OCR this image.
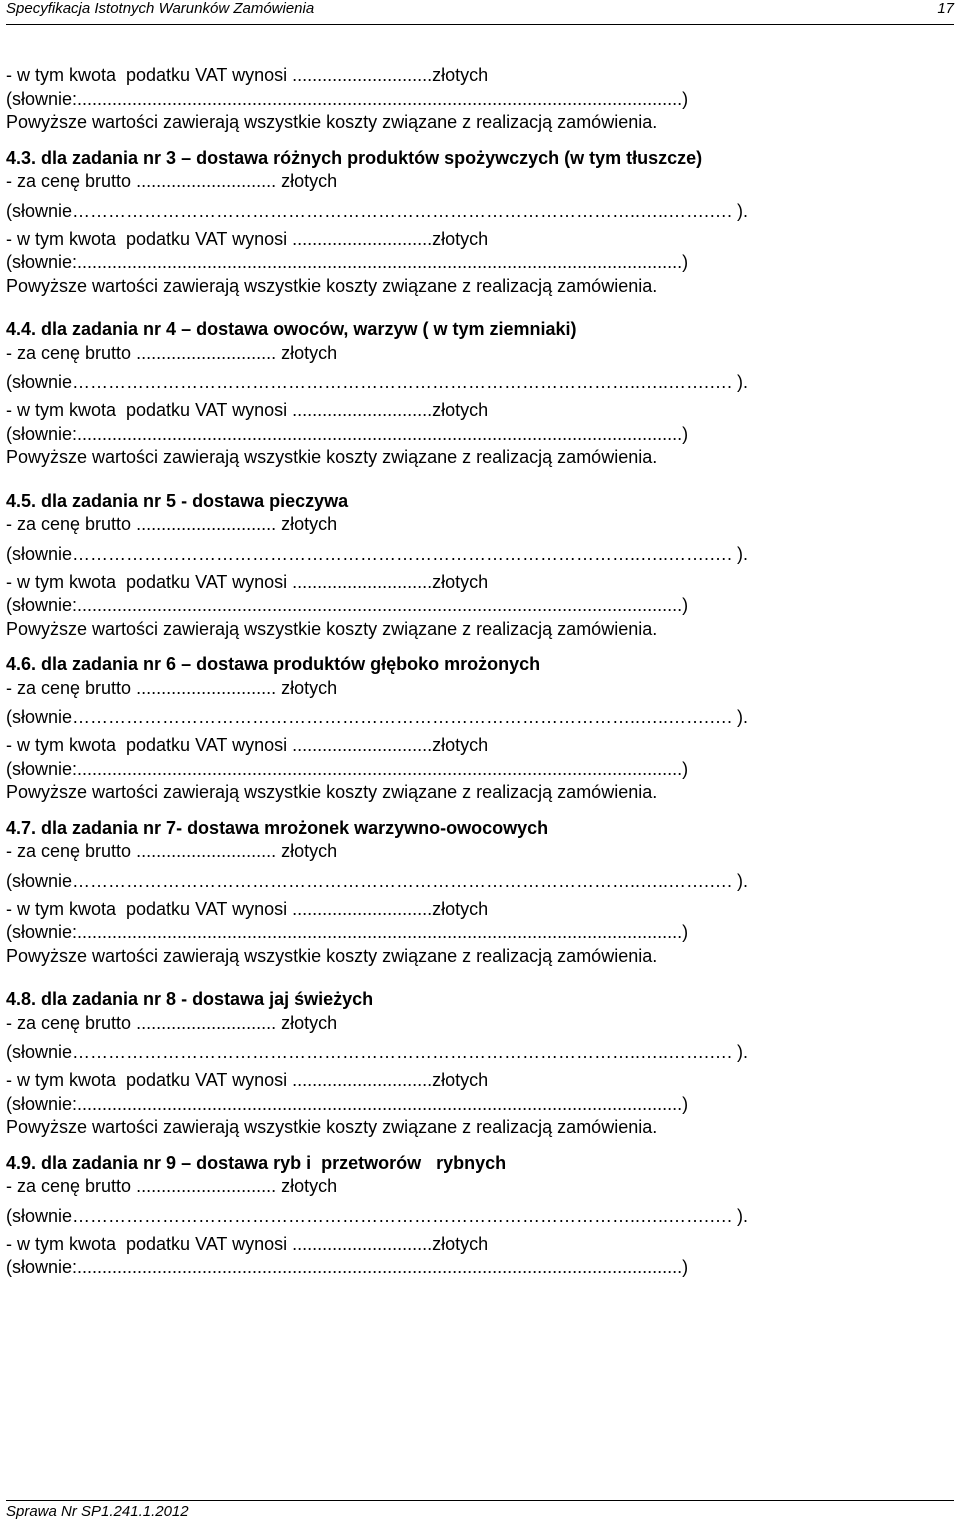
Specyfikacja Istotnych Warunków Zamówienia	17
- w tym kwota  podatku VAT wynosi ............................złotych
(słownie:.........................................................................................................................)
Powyższe wartości zawierają wszystkie koszty związane z realizacją zamówienia.
4.3. dla zadania nr 3 – dostawa różnych produktów spożywczych (w tym tłuszcze)
- za cenę brutto ............................ złotych
(słownie …………………………………………………………………………………..…..…….…. ).
- w tym kwota  podatku VAT wynosi ............................złotych
(słownie:.........................................................................................................................)
Powyższe wartości zawierają wszystkie koszty związane z realizacją zamówienia.
4.4. dla zadania nr 4 – dostawa owoców, warzyw ( w tym ziemniaki)
- za cenę brutto ............................ złotych
(słownie …………………………………………………………………………………..…..…….…. ).
- w tym kwota  podatku VAT wynosi ............................złotych
(słownie:.........................................................................................................................)
Powyższe wartości zawierają wszystkie koszty związane z realizacją zamówienia.
4.5. dla zadania nr 5 - dostawa pieczywa
- za cenę brutto ............................ złotych
(słownie …………………………………………………………………………………..…..…….…. ).
- w tym kwota  podatku VAT wynosi ............................złotych
(słownie:.........................................................................................................................)
Powyższe wartości zawierają wszystkie koszty związane z realizacją zamówienia.
4.6. dla zadania nr 6 – dostawa produktów głęboko mrożonych
- za cenę brutto ............................ złotych
(słownie …………………………………………………………………………………..…..…….…. ).
- w tym kwota  podatku VAT wynosi ............................złotych
(słownie:.........................................................................................................................)
Powyższe wartości zawierają wszystkie koszty związane z realizacją zamówienia.
4.7. dla zadania nr 7- dostawa mrożonek warzywno-owocowych
- za cenę brutto ............................ złotych
(słownie …………………………………………………………………………………..…..…….…. ).
- w tym kwota  podatku VAT wynosi ............................złotych
(słownie:.........................................................................................................................)
Powyższe wartości zawierają wszystkie koszty związane z realizacją zamówienia.
4.8. dla zadania nr 8 - dostawa jaj świeżych
- za cenę brutto ............................ złotych
(słownie …………………………………………………………………………………..…..…….…. ).
- w tym kwota  podatku VAT wynosi ............................złotych
(słownie:.........................................................................................................................)
Powyższe wartości zawierają wszystkie koszty związane z realizacją zamówienia.
4.9. dla zadania nr 9 – dostawa ryb i  przetworów   rybnych
- za cenę brutto ............................ złotych
(słownie …………………………………………………………………………………..…..…….…. ).
- w tym kwota  podatku VAT wynosi ............................złotych
(słownie:.........................................................................................................................)
Sprawa Nr SP1.241.1.2012
